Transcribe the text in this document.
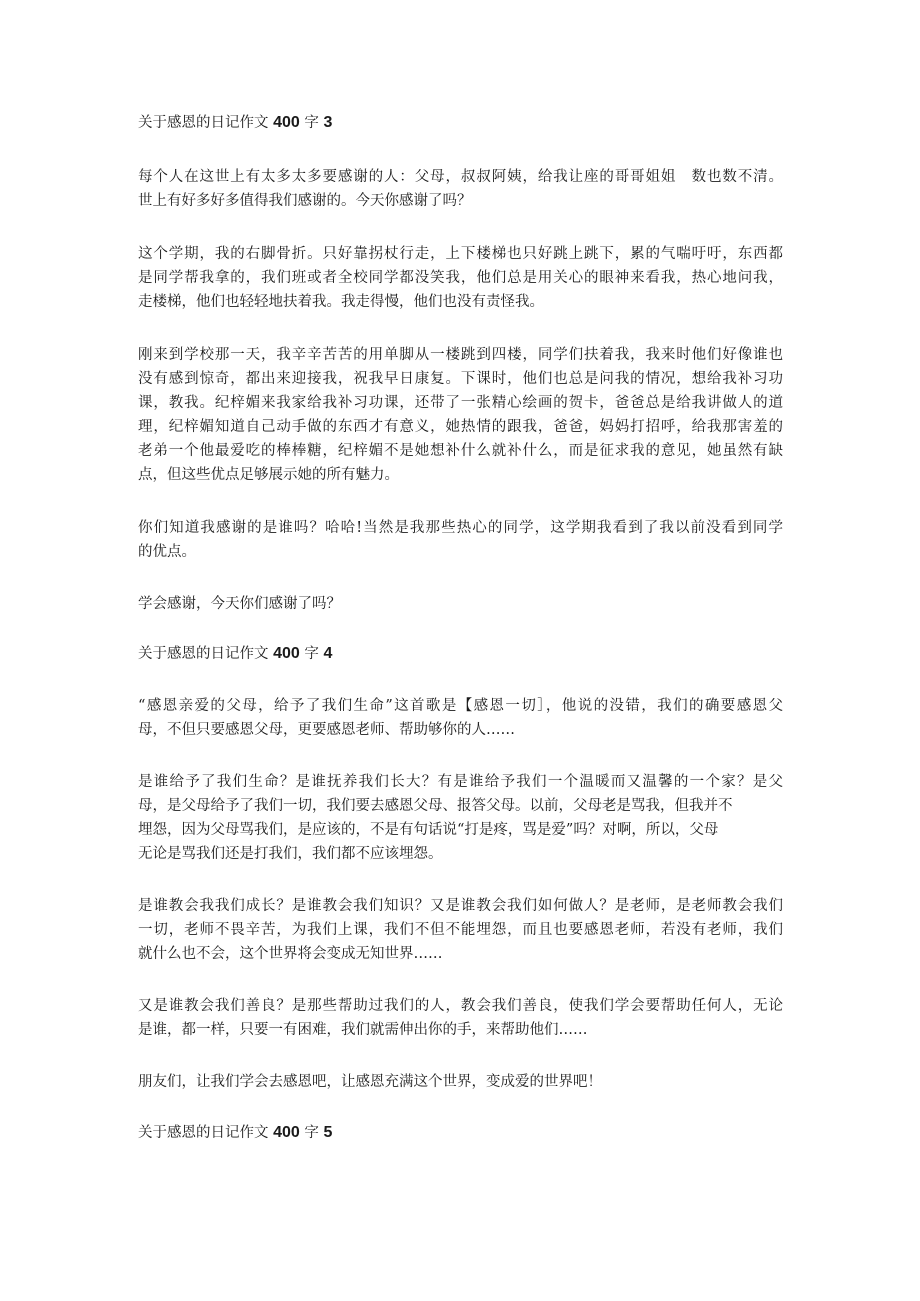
关于感恩的日记作文 400 字 3

每个人在这世上有太多太多要感谢的人：父母，叔叔阿姨，给我让座的哥哥姐姐　数也数不清。

世上有好多好多值得我们感谢的。今天你感谢了吗？

这个学期，我的右脚骨折。只好靠拐杖行走，上下楼梯也只好跳上跳下，累的气喘吁吁，东西都

是同学帮我拿的，我们班或者全校同学都没笑我，他们总是用关心的眼神来看我，热心地问我，

走楼梯，他们也轻轻地扶着我。我走得慢，他们也没有责怪我。

刚来到学校那一天，我辛辛苦苦的用单脚从一楼跳到四楼，同学们扶着我，我来时他们好像谁也

没有感到惊奇，都出来迎接我，祝我早日康复。下课时，他们也总是问我的情况，想给我补习功

课，教我。纪梓媚来我家给我补习功课，还带了一张精心绘画的贺卡，爸爸总是给我讲做人的道

理，纪梓媚知道自己动手做的东西才有意义，她热情的跟我，爸爸，妈妈打招呼，给我那害羞的

老弟一个他最爱吃的棒棒糖，纪梓媚不是她想补什么就补什么，而是征求我的意见，她虽然有缺

点，但这些优点足够展示她的所有魅力。

你们知道我感谢的是谁吗？哈哈!当然是我那些热心的同学，这学期我看到了我以前没看到同学

的优点。

学会感谢，今天你们感谢了吗？

关于感恩的日记作文 400 字 4

“感恩亲爱的父母，给予了我们生命”这首歌是【感恩一切］，他说的没错，我们的确要感恩父

母，不但只要感恩父母，更要感恩老师、帮助够你的人……

是谁给予了我们生命？是谁抚养我们长大？有是谁给予我们一个温暖而又温馨的一个家？是父

母，是父母给予了我们一切，我们要去感恩父母、报答父母。以前，父母老是骂我，但我并不

埋怨，因为父母骂我们，是应该的，不是有句话说“打是疼，骂是爱”吗？对啊，所以，父母

无论是骂我们还是打我们，我们都不应该埋怨。

是谁教会我我们成长？是谁教会我们知识？又是谁教会我们如何做人？是老师，是老师教会我们

一切，老师不畏辛苦，为我们上课，我们不但不能埋怨，而且也要感恩老师，若没有老师，我们

就什么也不会，这个世界将会变成无知世界……

又是谁教会我们善良？是那些帮助过我们的人，教会我们善良，使我们学会要帮助任何人，无论

是谁，都一样，只要一有困难，我们就需伸出你的手，来帮助他们……

朋友们，让我们学会去感恩吧，让感恩充满这个世界，变成爱的世界吧！

关于感恩的日记作文 400 字 5
